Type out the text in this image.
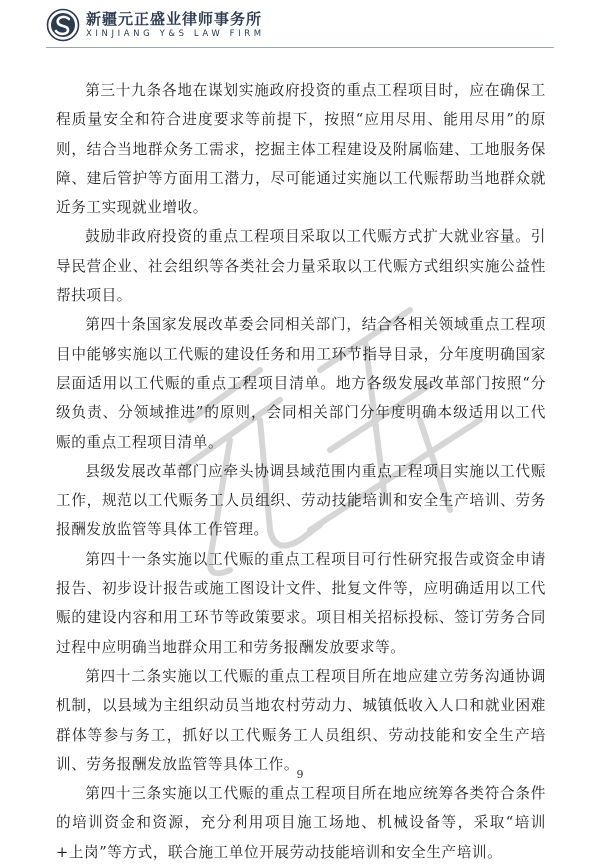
新疆元正盛业律师事务所
XINJIANG Y&S LAW FIRM

第三十九条各地在谋划实施政府投资的重点工程项目时，应在确保工程质量安全和符合进度要求等前提下，按照“应用尽用、能用尽用”的原则，结合当地群众务工需求，挖掘主体工程建设及附属临建、工地服务保障、建后管护等方面用工潜力，尽可能通过实施以工代赈帮助当地群众就近务工实现就业增收。

鼓励非政府投资的重点工程项目采取以工代赈方式扩大就业容量。引导民营企业、社会组织等各类社会力量采取以工代赈方式组织实施公益性帮扶项目。

第四十条国家发展改革委会同相关部门，结合各相关领域重点工程项目中能够实施以工代赈的建设任务和用工环节指导目录，分年度明确国家层面适用以工代赈的重点工程项目清单。地方各级发展改革部门按照“分级负责、分领域推进”的原则，会同相关部门分年度明确本级适用以工代赈的重点工程项目清单。

县级发展改革部门应牵头协调县域范围内重点工程项目实施以工代赈工作，规范以工代赈务工人员组织、劳动技能培训和安全生产培训、劳务报酬发放监管等具体工作管理。

第四十一条实施以工代赈的重点工程项目可行性研究报告或资金申请报告、初步设计报告或施工图设计文件、批复文件等，应明确适用以工代赈的建设内容和用工环节等政策要求。项目相关招标投标、签订劳务合同过程中应明确当地群众用工和劳务报酬发放要求等。

第四十二条实施以工代赈的重点工程项目所在地应建立劳务沟通协调机制，以县域为主组织动员当地农村劳动力、城镇低收入人口和就业困难群体等参与务工，抓好以工代赈务工人员组织、劳动技能和安全生产培训、劳务报酬发放监管等具体工作。

第四十三条实施以工代赈的重点工程项目所在地应统筹各类符合条件的培训资金和资源，充分利用项目施工场地、机械设备等，采取“培训+上岗”等方式，联合施工单位开展劳动技能培训和安全生产培训。

9
